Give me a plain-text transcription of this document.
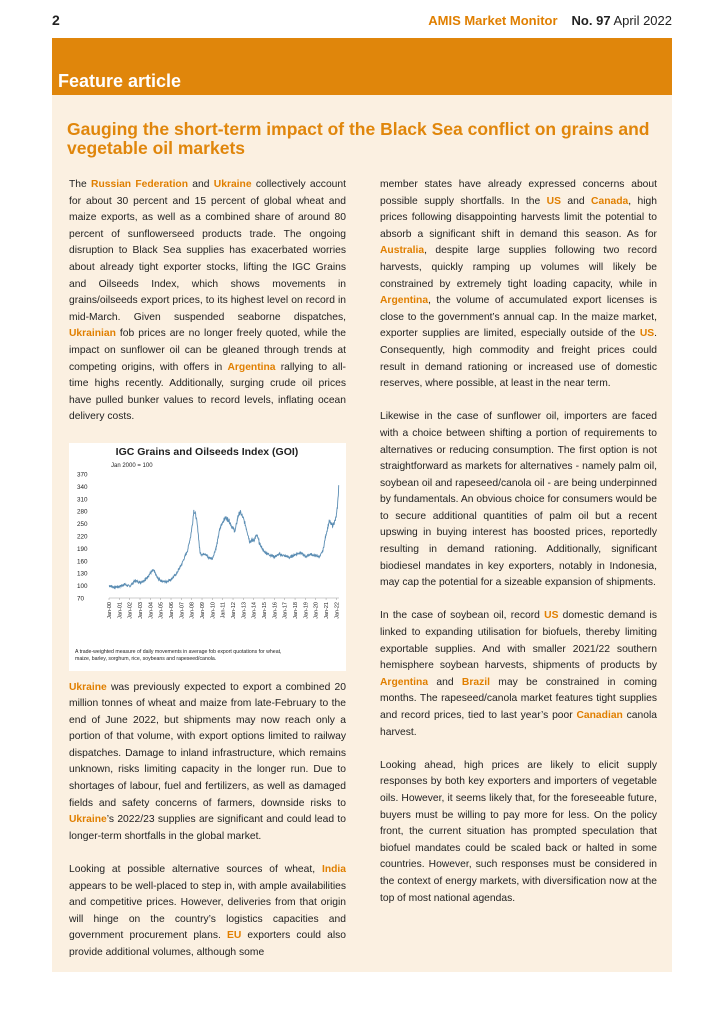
2	AMIS Market Monitor No. 97 April 2022
Feature article
Gauging the short-term impact of the Black Sea conflict on grains and vegetable oil markets

The Russian Federation and Ukraine collectively account for about 30 percent and 15 percent of global wheat and maize exports, as well as a combined share of around 80 percent of sunflowerseed products trade. The ongoing disruption to Black Sea supplies has exacerbated worries about already tight exporter stocks, lifting the IGC Grains and Oilseeds Index, which shows movements in grains/oilseeds export prices, to its highest level on record in mid-March. Given suspended seaborne dispatches, Ukrainian fob prices are no longer freely quoted, while the impact on sunflower oil can be gleaned through trends at competing origins, with offers in Argentina rallying to all-time highs recently. Additionally, surging crude oil prices have pulled bunker values to record levels, inflating ocean delivery costs.

IGC Grains and Oilseeds Index (GOI)
Jan 2000 = 100
70
100
130
160
190
220
250
280
310
340
370
Jan-00 Jan-01 Jan-02 Jan-03 Jan-04 Jan-05 Jan-06 Jan-07 Jan-08 Jan-09 Jan-10 Jan-11 Jan-12 Jan-13 Jan-14 Jan-15 Jan-16 Jan-17 Jan-18 Jan-19 Jan-20 Jan-21 Jan-22
A trade-weighted measure of daily movements in average fob export quotations for wheat, maize, barley, sorghum, rice, soybeans and rapeseed/canola.

Ukraine was previously expected to export a combined 20 million tonnes of wheat and maize from late-February to the end of June 2022, but shipments may now reach only a portion of that volume, with export options limited to railway dispatches. Damage to inland infrastructure, which remains unknown, risks limiting capacity in the longer run. Due to shortages of labour, fuel and fertilizers, as well as damaged fields and safety concerns of farmers, downside risks to Ukraine’s 2022/23 supplies are significant and could lead to longer-term shortfalls in the global market.

Looking at possible alternative sources of wheat, India appears to be well-placed to step in, with ample availabilities and competitive prices. However, deliveries from that origin will hinge on the country’s logistics capacities and government procurement plans. EU exporters could also provide additional volumes, although some

member states have already expressed concerns about possible supply shortfalls. In the US and Canada, high prices following disappointing harvests limit the potential to absorb a significant shift in demand this season. As for Australia, despite large supplies following two record harvests, quickly ramping up volumes will likely be constrained by extremely tight loading capacity, while in Argentina, the volume of accumulated export licenses is close to the government’s annual cap. In the maize market, exporter supplies are limited, especially outside of the US. Consequently, high commodity and freight prices could result in demand rationing or increased use of domestic reserves, where possible, at least in the near term.

Likewise in the case of sunflower oil, importers are faced with a choice between shifting a portion of requirements to alternatives or reducing consumption. The first option is not straightforward as markets for alternatives - namely palm oil, soybean oil and rapeseed/canola oil - are being underpinned by fundamentals. An obvious choice for consumers would be to secure additional quantities of palm oil but a recent upswing in buying interest has boosted prices, reportedly resulting in demand rationing. Additionally, significant biodiesel mandates in key exporters, notably in Indonesia, may cap the potential for a sizeable expansion of shipments.

In the case of soybean oil, record US domestic demand is linked to expanding utilisation for biofuels, thereby limiting exportable supplies. And with smaller 2021/22 southern hemisphere soybean harvests, shipments of products by Argentina and Brazil may be constrained in coming months. The rapeseed/canola market features tight supplies and record prices, tied to last year’s poor Canadian canola harvest.

Looking ahead, high prices are likely to elicit supply responses by both key exporters and importers of vegetable oils. However, it seems likely that, for the foreseeable future, buyers must be willing to pay more for less. On the policy front, the current situation has prompted speculation that biofuel mandates could be scaled back or halted in some countries. However, such responses must be considered in the context of energy markets, with diversification now at the top of most national agendas.
